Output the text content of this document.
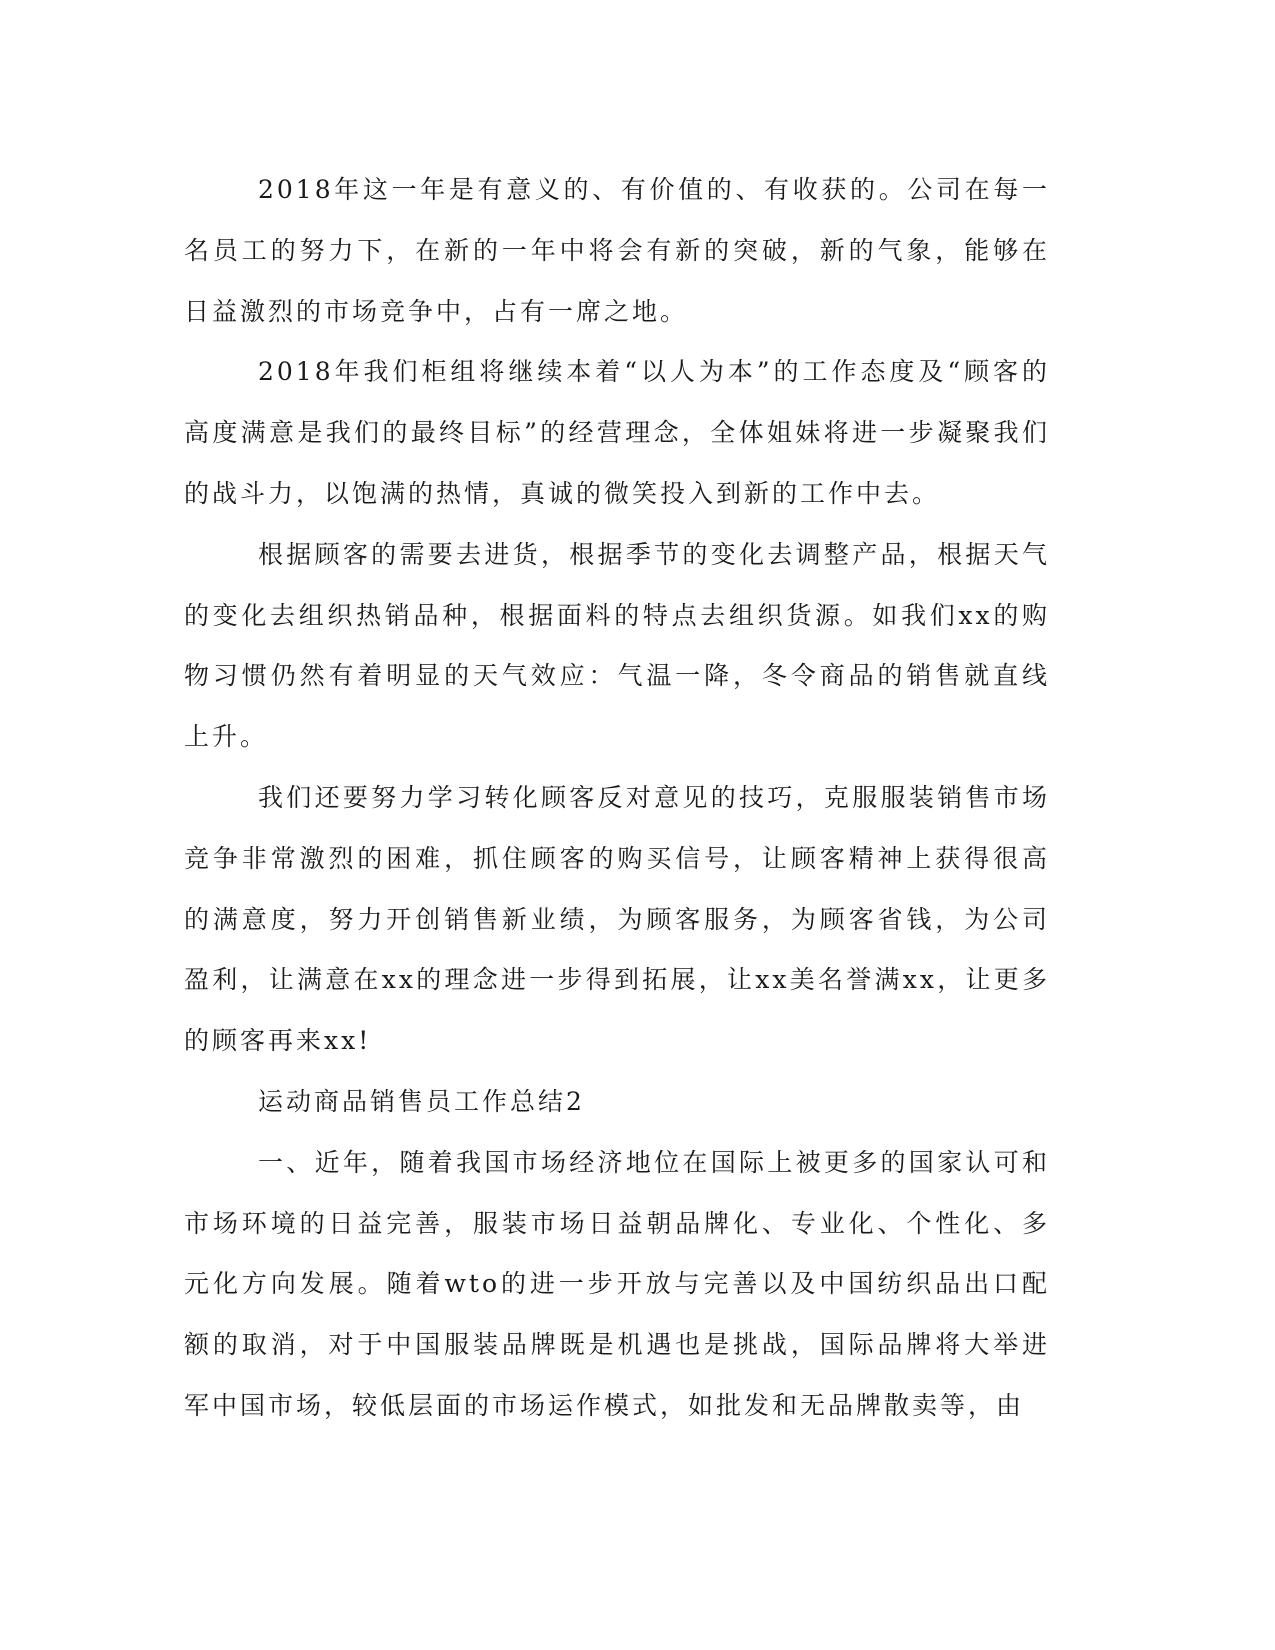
2018年这一年是有意义的、有价值的、有收获的。公司在每一名员工的努力下，在新的一年中将会有新的突破，新的气象，能够在日益激烈的市场竞争中，占有一席之地。

2018年我们柜组将继续本着“以人为本”的工作态度及“顾客的高度满意是我们的最终目标”的经营理念，全体姐妹将进一步凝聚我们的战斗力，以饱满的热情，真诚的微笑投入到新的工作中去。

根据顾客的需要去进货，根据季节的变化去调整产品，根据天气的变化去组织热销品种，根据面料的特点去组织货源。如我们xx的购物习惯仍然有着明显的天气效应：气温一降，冬令商品的销售就直线上升。

我们还要努力学习转化顾客反对意见的技巧，克服服装销售市场竞争非常激烈的困难，抓住顾客的购买信号，让顾客精神上获得很高的满意度，努力开创销售新业绩，为顾客服务，为顾客省钱，为公司盈利，让满意在xx的理念进一步得到拓展，让xx美名誉满xx，让更多的顾客再来xx!

运动商品销售员工作总结2

一、近年，随着我国市场经济地位在国际上被更多的国家认可和市场环境的日益完善，服装市场日益朝品牌化、专业化、个性化、多元化方向发展。随着wto的进一步开放与完善以及中国纺织品出口配额的取消，对于中国服装品牌既是机遇也是挑战，国际品牌将大举进军中国市场，较低层面的市场运作模式，如批发和无品牌散卖等，由
